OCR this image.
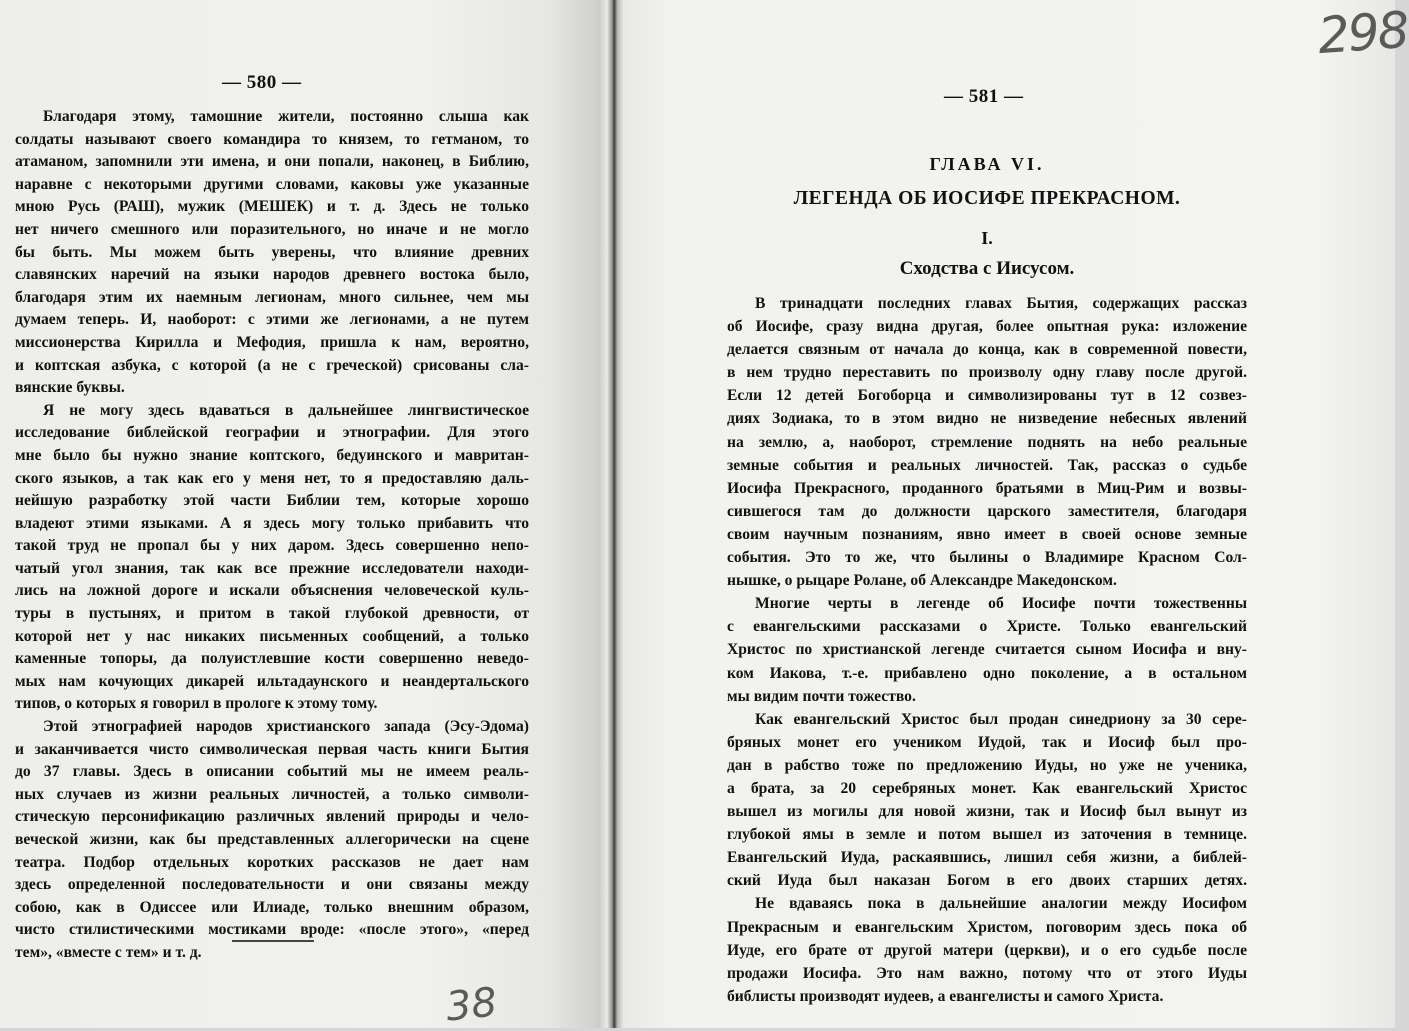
— 580 —
Благодаря этому, тамошние жители, постоянно слыша как
солдаты называют своего командира то князем, то гетманом, то
атаманом, запомнили эти имена, и они попали, наконец, в Библию,
наравне с некоторыми другими словами, каковы уже указанные
мною Русь (РАШ), мужик (МЕШЕК) и т. д. Здесь не только
нет ничего смешного или поразительного, но иначе и не могло
бы быть. Мы можем быть уверены, что влияние древних
славянских наречий на языки народов древнего востока было,
благодаря этим их наемным легионам, много сильнее, чем мы
думаем теперь. И, наоборот: с этими же легионами, а не путем
миссионерства Кирилла и Мефодия, пришла к нам, вероятно,
и коптская азбука, с которой (а не с греческой) срисованы сла-
вянские буквы.
Я не могу здесь вдаваться в дальнейшее лингвистическое
исследование библейской географии и этнографии. Для этого
мне было бы нужно знание коптского, бедуинского и мавритан-
ского языков, а так как его у меня нет, то я предоставляю даль-
нейшую разработку этой части Библии тем, которые хорошо
владеют этими языками. А я здесь могу только прибавить что
такой труд не пропал бы у них даром. Здесь совершенно непо-
чатый угол знания, так как все прежние исследователи находи-
лись на ложной дороге и искали объяснения человеческой куль-
туры в пустынях, и притом в такой глубокой древности, от
которой нет у нас никаких письменных сообщений, а только
каменные топоры, да полуистлевшие кости совершенно неведо-
мых нам кочующих дикарей ильтадаунского и неандертальского
типов, о которых я говорил в прологе к этому тому.
Этой этнографией народов христианского запада (Эсу-Эдома)
и заканчивается чисто символическая первая часть книги Бытия
до 37 главы. Здесь в описании событий мы не имеем реаль-
ных случаев из жизни реальных личностей, а только символи-
стическую персонификацию различных явлений природы и чело-
веческой жизни, как бы представленных аллегорически на сцене
театра. Подбор отдельных коротких рассказов не дает нам
здесь определенной последовательности и они связаны между
собою, как в Одиссее или Илиаде, только внешним образом,
чисто стилистическими мостиками вроде: «после этого», «перед
тем», «вместе с тем» и т. д.
— 581 —
ГЛАВА VI.
ЛЕГЕНДА ОБ ИОСИФЕ ПРЕКРАСНОМ.
I.
Сходства с Иисусом.
В тринадцати последних главах Бытия, содержащих рассказ
об Иосифе, сразу видна другая, более опытная рука: изложение
делается связным от начала до конца, как в современной повести,
в нем трудно переставить по произволу одну главу после другой.
Если 12 детей Богоборца и символизированы тут в 12 созвез-
диях Зодиака, то в этом видно не низведение небесных явлений
на землю, а, наоборот, стремление поднять на небо реальные
земные события и реальных личностей. Так, рассказ о судьбе
Иосифа Прекрасного, проданного братьями в Миц-Рим и возвы-
сившегося там до должности царского заместителя, благодаря
своим научным познаниям, явно имеет в своей основе земные
события. Это то же, что былины о Владимире Красном Сол-
нышке, о рыцаре Ролане, об Александре Македонском.
Многие черты в легенде об Иосифе почти тожественны
с евангельскими рассказами о Христе. Только евангельский
Христос по христианской легенде считается сыном Иосифа и вну-
ком Иакова, т.-е. прибавлено одно поколение, а в остальном
мы видим почти тожество.
Как евангельский Христос был продан синедриону за 30 сере-
бряных монет его учеником Иудой, так и Иосиф был про-
дан в рабство тоже по предложению Иуды, но уже не ученика,
а брата, за 20 серебряных монет. Как евангельский Христос
вышел из могилы для новой жизни, так и Иосиф был вынут из
глубокой ямы в земле и потом вышел из заточения в темнице.
Евангельский Иуда, раскаявшись, лишил себя жизни, а библей-
ский Иуда был наказан Богом в его двоих старших детях.
Не вдаваясь пока в дальнейшие аналогии между Иосифом
Прекрасным и евангельским Христом, поговорим здесь пока об
Иуде, его брате от другой матери (церкви), и о его судьбе после
продажи Иосифа. Это нам важно, потому что от этого Иуды
библисты производят иудеев, а евангелисты и самого Христа.
298
38
